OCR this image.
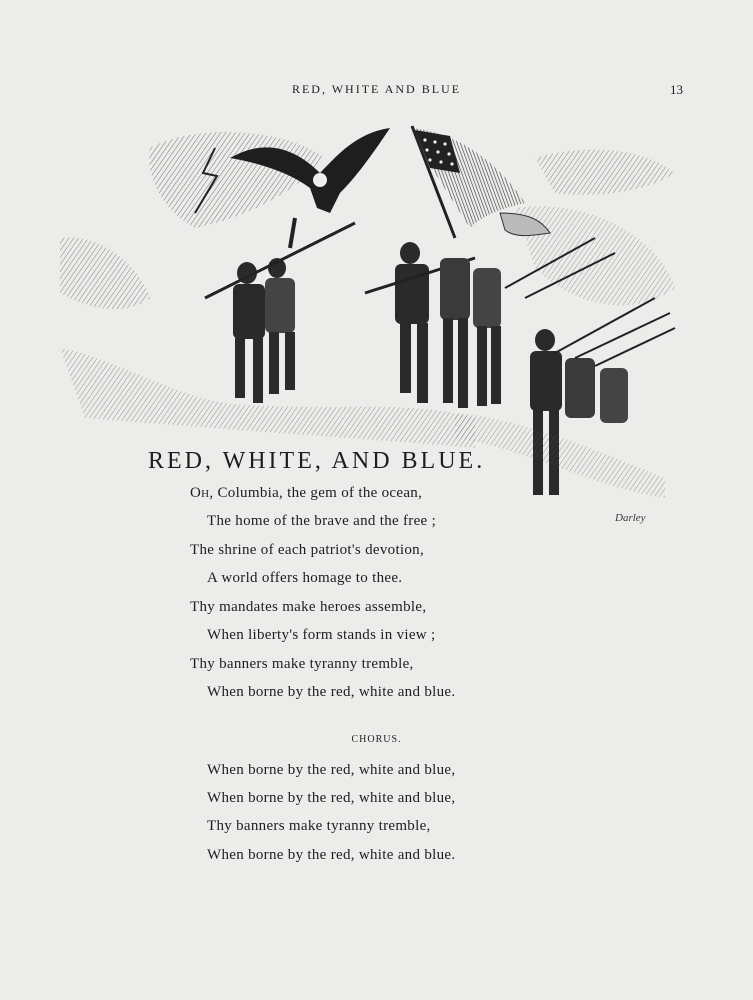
RED, WHITE AND BLUE	13
Darley
RED, WHITE, AND BLUE.
Oh, Columbia, the gem of the ocean,
The home of the brave and the free ;
The shrine of each patriot's devotion,
A world offers homage to thee.
Thy mandates make heroes assemble,
When liberty's form stands in view ;
Thy banners make tyranny tremble,
When borne by the red, white and blue.
CHORUS.
When borne by the red, white and blue,
When borne by the red, white and blue,
Thy banners make tyranny tremble,
When borne by the red, white and blue.
